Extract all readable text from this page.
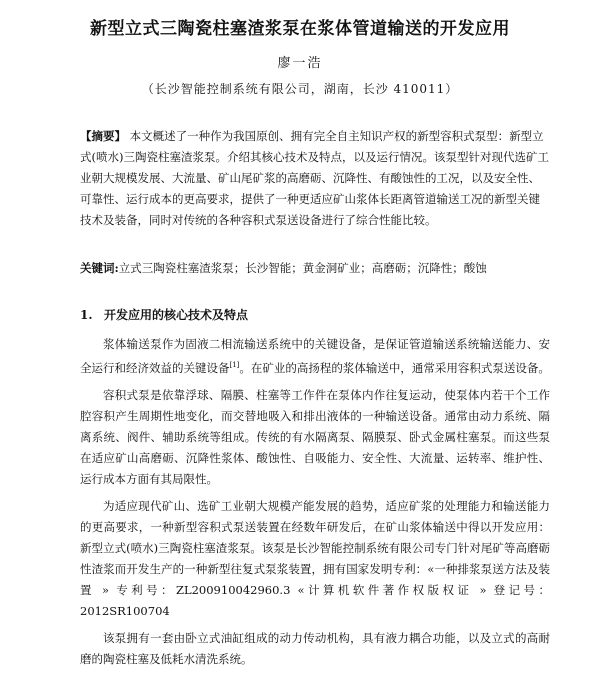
新型立式三陶瓷柱塞渣浆泵在浆体管道输送的开发应用
廖一浩
（长沙智能控制系统有限公司，湖南，长沙 410011）
【摘要】 本文概述了一种作为我国原创、拥有完全自主知识产权的新型容积式泵型：新型立式(喷水)三陶瓷柱塞渣浆泵。介绍其核心技术及特点，以及运行情况。该泵型针对现代选矿工业朝大规模发展、大流量、矿山尾矿浆的高磨砺、沉降性、有酸蚀性的工况，以及安全性、可靠性、运行成本的更高要求，提供了一种更适应矿山浆体长距离管道输送工况的新型关键技术及装备，同时对传统的各种容积式泵送设备进行了综合性能比较。
关键词:立式三陶瓷柱塞渣浆泵；长沙智能；黄金洞矿业；高磨砺；沉降性；酸蚀
1. 开发应用的核心技术及特点

浆体输送泵作为固液二相流输送系统中的关键设备，是保证管道输送系统输送能力、安全运行和经济效益的关键设备[1]。在矿业的高扬程的浆体输送中，通常采用容积式泵送设备。

容积式泵是依靠浮球、隔膜、柱塞等工作件在泵体内作往复运动，使泵体内若干个工作腔容积产生周期性地变化，而交替地吸入和排出液体的一种输送设备。通常由动力系统、隔离系统、阀件、辅助系统等组成。传统的有水隔离泵、隔膜泵、卧式金属柱塞泵。而这些泵在适应矿山高磨砺、沉降性浆体、酸蚀性、自吸能力、安全性、大流量、运转率、维护性、运行成本方面有其局限性。

为适应现代矿山、选矿工业朝大规模产能发展的趋势，适应矿浆的处理能力和输送能力的更高要求，一种新型容积式泵送装置在经数年研发后，在矿山浆体输送中得以开发应用：新型立式(喷水)三陶瓷柱塞渣浆泵。该泵是长沙智能控制系统有限公司专门针对尾矿等高磨砺性渣浆而开发生产的一种新型往复式泵浆装置，拥有国家发明专利：«一种排浆泵送方法及装置 » 专利号：ZL200910042960.3 «计算机软件著作权版权证 » 登记号：2012SR100704

该泵拥有一套由卧立式油缸组成的动力传动机构，具有液力耦合功能，以及立式的高耐磨的陶瓷柱塞及低耗水清洗系统。
